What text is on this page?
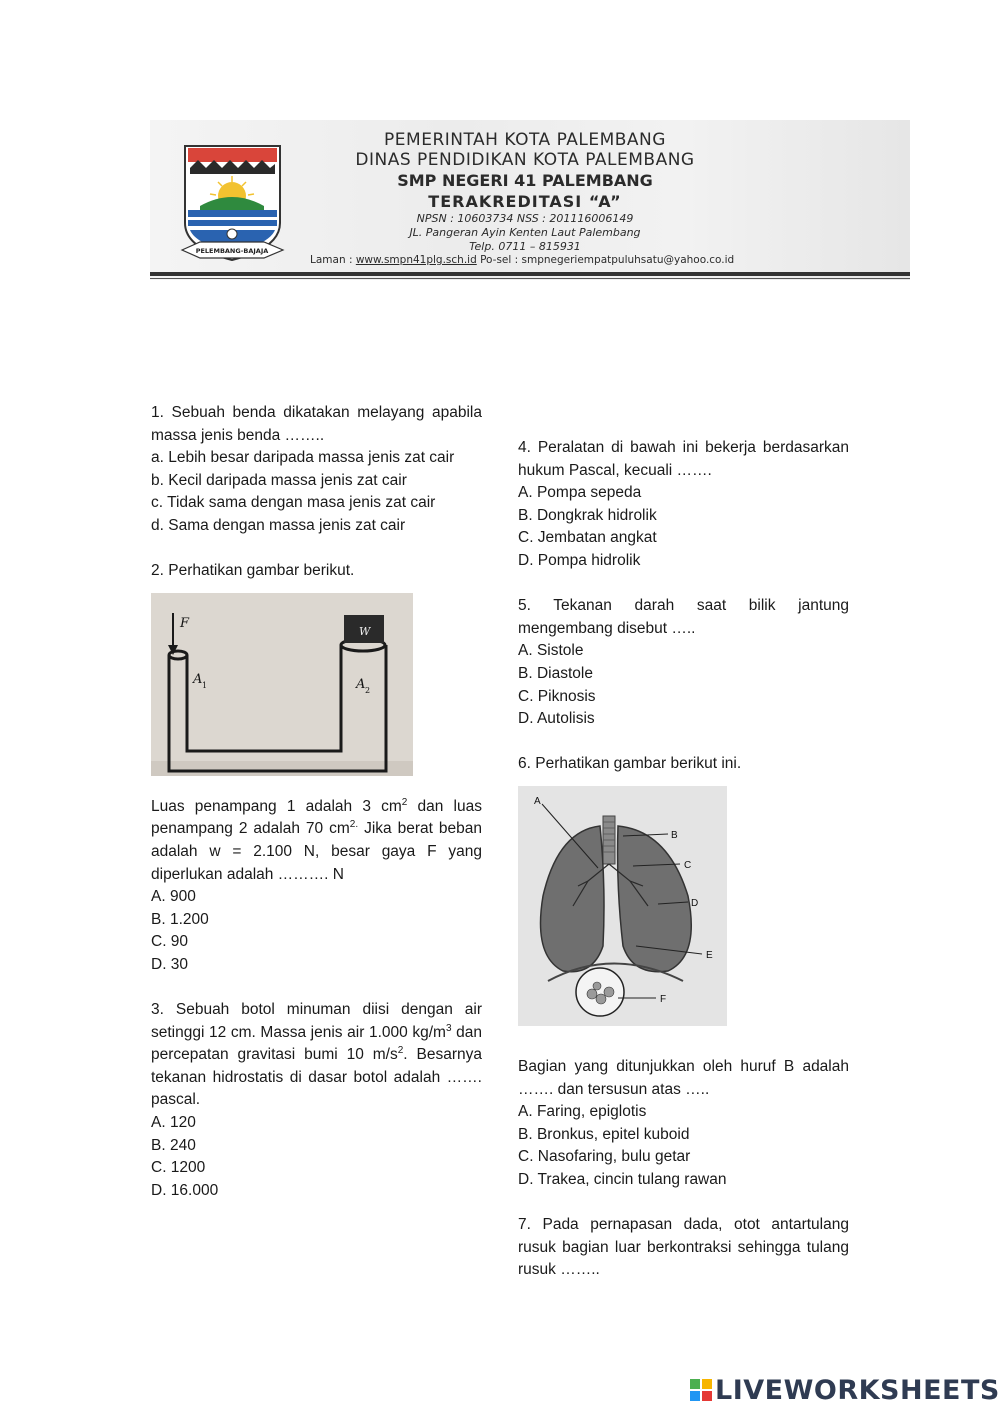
PELEMBANG-BAJAJA
PEMERINTAH KOTA PALEMBANG
DINAS PENDIDIKAN KOTA PALEMBANG
SMP NEGERI 41 PALEMBANG
TERAKREDITASI “A”
NPSN : 10603734 NSS : 201116006149
JL. Pangeran Ayin Kenten Laut Palembang
Telp. 0711 – 815931
Laman : www.smpn41plg.sch.id Po-sel : smpnegeriempatpuluhsatu@yahoo.co.id

1. Sebuah benda dikatakan melayang apabila massa jenis benda ……..

a. Lebih besar daripada massa jenis zat cair

b. Kecil daripada massa jenis zat cair

c. Tidak sama dengan masa jenis zat cair

d. Sama dengan massa jenis zat cair

2. Perhatikan gambar berikut.

F
W
A 1	A 2

Luas penampang 1 adalah 3 $cm^2$ dan luas penampang 2 adalah 70 $cm^{2.}$ Jika berat beban adalah w = 2.100 N, besar gaya F yang diperlukan adalah ………. N

A. 900

B. 1.200

C. 90

D. 30

3. Sebuah botol minuman diisi dengan air setinggi 12 cm. Massa jenis air 1.000 $kg/m^3$ dan percepatan gravitasi bumi 10 $m/s^2$. Besarnya tekanan hidrostatis di dasar botol adalah ……. pascal.

A. 120

B. 240

C. 1200

D. 16.000

4. Peralatan di bawah ini bekerja berdasarkan hukum Pascal, kecuali …….

A. Pompa sepeda

B. Dongkrak hidrolik

C. Jembatan angkat

D. Pompa hidrolik

5. Tekanan darah saat bilik jantung mengembang disebut …..

A. Sistole

B. Diastole

C. Piknosis

D. Autolisis

6. Perhatikan gambar berikut ini.

A
B
C
D
E
F

Bagian yang ditunjukkan oleh huruf B adalah ……. dan tersusun atas …..

A. Faring, epiglotis

B. Bronkus, epitel kuboid

C. Nasofaring, bulu getar

D. Trakea, cincin tulang rawan

7. Pada pernapasan dada, otot antartulang rusuk bagian luar berkontraksi sehingga tulang rusuk ……..

LIVEWORKSHEETS
